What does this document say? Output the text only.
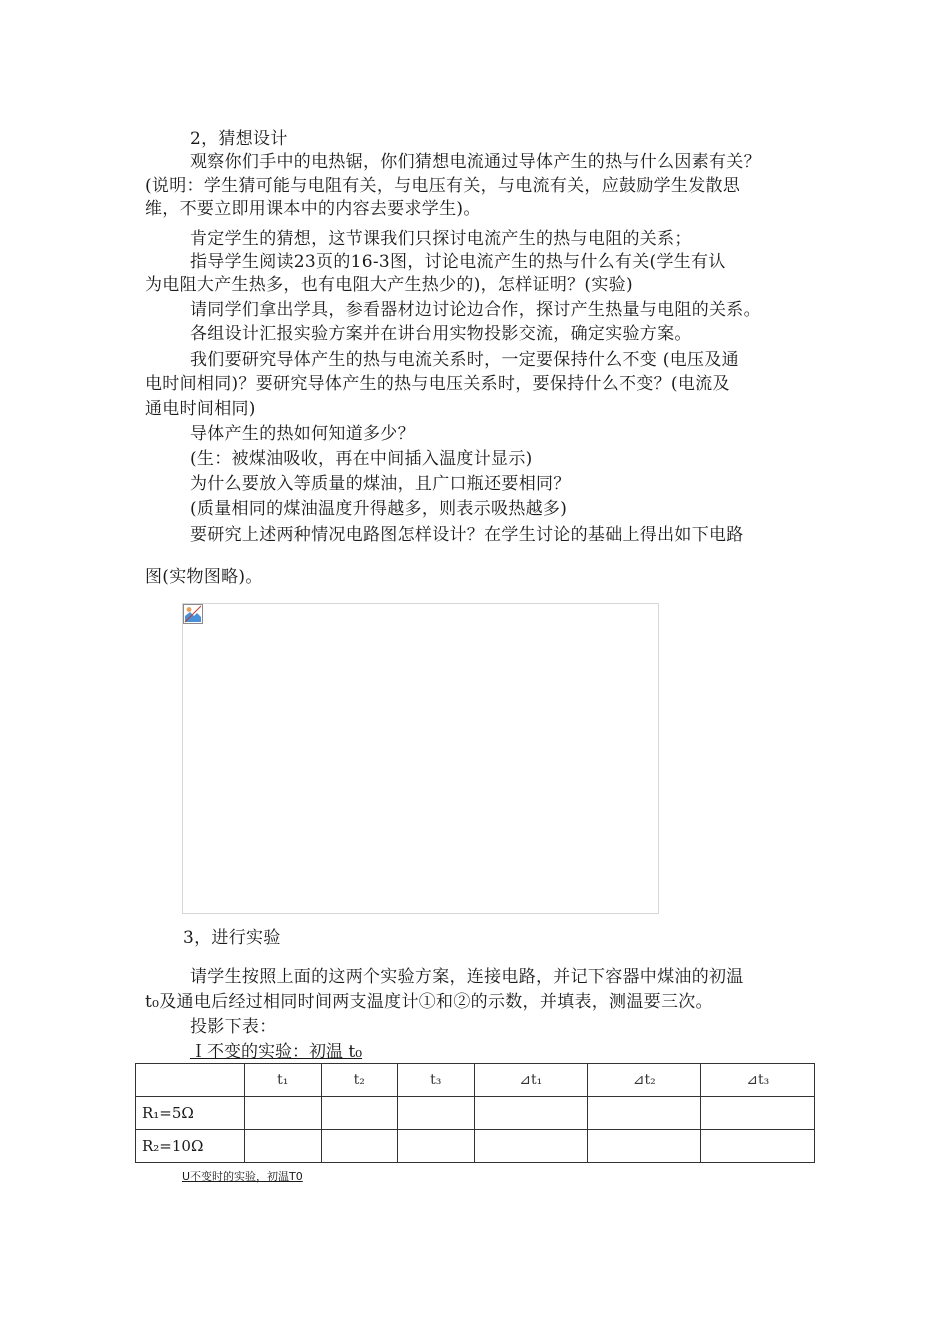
2，猜想设计
观察你们手中的电热锯，你们猜想电流通过导体产生的热与什么因素有关？
(说明：学生猜可能与电阻有关，与电压有关，与电流有关，应鼓励学生发散思
维，不要立即用课本中的内容去要求学生)。
肯定学生的猜想，这节课我们只探讨电流产生的热与电阻的关系；
指导学生阅读23页的16-3图，讨论电流产生的热与什么有关(学生有认
为电阻大产生热多，也有电阻大产生热少的)，怎样证明？(实验)
请同学们拿出学具，参看器材边讨论边合作，探讨产生热量与电阻的关系。
各组设计汇报实验方案并在讲台用实物投影交流，确定实验方案。
我们要研究导体产生的热与电流关系时，一定要保持什么不变 (电压及通
电时间相同)？要研究导体产生的热与电压关系时，要保持什么不变？(电流及
通电时间相同)
导体产生的热如何知道多少？
(生：被煤油吸收，再在中间插入温度计显示)
为什么要放入等质量的煤油，且广口瓶还要相同？
(质量相同的煤油温度升得越多，则表示吸热越多)
要研究上述两种情况电路图怎样设计？在学生讨论的基础上得出如下电路
图(实物图略)。
3，进行实验
请学生按照上面的这两个实验方案，连接电路，并记下容器中煤油的初温
t₀及通电后经过相同时间两支温度计①和②的示数，并填表，测温要三次。
投影下表：
Ｉ不变的实验：初温 t₀
	t₁	t₂	t₃	⊿t₁	⊿t₂	⊿t₃
R₁=5Ω						
R₂=10Ω						
U不变时的实验，初温T0
